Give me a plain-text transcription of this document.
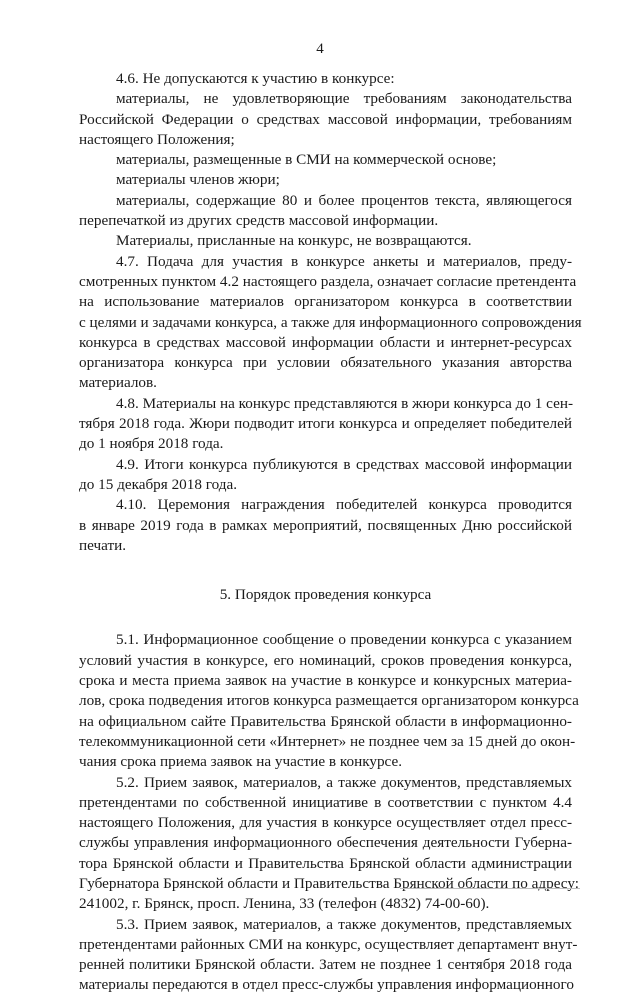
4
4.6. Не допускаются к участию в конкурсе:
материалы, не удовлетворяющие требованиям законодательства
Российской Федерации о средствах массовой информации, требованиям
настоящего Положения;
материалы, размещенные в СМИ на коммерческой основе;
материалы членов жюри;
материалы, содержащие 80 и более процентов текста, являющегося
перепечаткой из других средств массовой информации.
Материалы, присланные на конкурс, не возвращаются.
4.7. Подача для участия в конкурсе анкеты и материалов, преду-
смотренных пунктом 4.2 настоящего раздела, означает согласие претендента
на использование материалов организатором конкурса в соответствии
с целями и задачами конкурса, а также для информационного сопровождения
конкурса в средствах массовой информации области и интернет-ресурсах
организатора конкурса при условии обязательного указания авторства
материалов.
4.8. Материалы на конкурс представляются в жюри конкурса до 1 сен-
тября 2018 года. Жюри подводит итоги конкурса и определяет победителей
до 1 ноября 2018 года.
4.9. Итоги конкурса публикуются в средствах массовой информации
до 15 декабря 2018 года.
4.10. Церемония награждения победителей конкурса проводится
в январе 2019 года в рамках мероприятий, посвященных Дню российской
печати.
5. Порядок проведения конкурса
5.1. Информационное сообщение о проведении конкурса с указанием
условий участия в конкурсе, его номинаций, сроков проведения конкурса,
срока и места приема заявок на участие в конкурсе и конкурсных материа-
лов, срока подведения итогов конкурса размещается организатором конкурса
на официальном сайте Правительства Брянской области в информационно-
телекоммуникационной сети «Интернет» не позднее чем за 15 дней до окон-
чания срока приема заявок на участие в конкурсе.
5.2. Прием заявок, материалов, а также документов, представляемых
претендентами по собственной инициативе в соответствии с пунктом 4.4
настоящего Положения, для участия в конкурсе осуществляет отдел пресс-
службы управления информационного обеспечения деятельности Губерна-
тора Брянской области и Правительства Брянской области администрации
Губернатора Брянской области и Правительства Брянской области по адресу:
241002, г. Брянск, просп. Ленина, 33 (телефон (4832) 74-00-60).
5.3. Прием заявок, материалов, а также документов, представляемых
претендентами районных СМИ на конкурс, осуществляет департамент внут-
ренней политики Брянской области. Затем не позднее 1 сентября 2018 года
материалы передаются в отдел пресс-службы управления информационного
